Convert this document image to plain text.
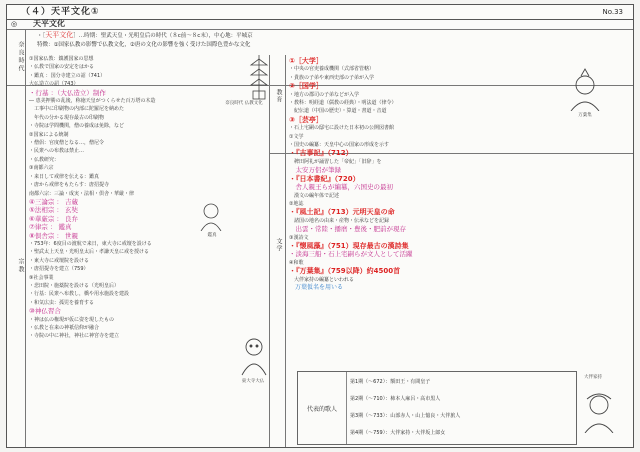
（４）天平文化①	No.33
◎ 天平文化
奈良時代
・［天平文化］…時期：聖武天皇・光明皇后の時代（８c前〜８c末），中心地：平城京
特徴：①国家仏教の影響で仏教文化，②唐の文化の影響を強く受けた国際色豊かな文化
宗教
教育
文学
①国家仏教：鎮護国家の思想
・仏教で国家の安定をはかる
・鑑真 ：国分寺建立の詔（741）
大仏造立の詔（743）
・行基 ：（大仏造立）制作
― 恵美押勝の乱後，称徳天皇がつくらせた百万塔の木造
　工事中に印刷物の内部に陀羅尼を納めた
　年代の分かる現存最古の印刷物
・寺院は学問機関，僧の養成は免除，など
②国家による統制
・僧侶：官度僧となる…，僧尼令
・民衆への布教は禁止…
・仏教研究：
③南都六宗
・来日して戒律を伝える：鑑真
・唐から戒律をもたらす：唐招提寺
南都六宗：三論・成実・法相・倶舎・華厳・律
④三論宗 ： 吉蔵
⑤法相宗 ： 玄奘
⑥華厳宗 ： 良弁
⑦律宗 ： 鑑真
⑧倶舎宗 ： 世親
・753年：6度目の渡航で来日，東大寺に戒壇を設ける
・聖武太上天皇・光明皇太后・孝謙天皇に戒を授ける
・東大寺に戒壇院を設ける
・唐招提寺を建立（759）
⑨社会事業
・悲田院・施薬院を設ける（光明皇后）
・行基：民衆へ布教し，橋や用水施設を建設
・和気広虫：孤児を養育する
⑩神仏習合
・神は仏の権現が仮に姿を現したもの
・仏教と在来の神祇信仰が融合
・寺院の中に神社，神社に神宮寺を建立
①［大学］
・中央の官吏養成機関（式部省管轄）
・貴族の子弟や東西史部の子弟が入学
②［国学］
・地方の郡司の子弟などが入学
・教科：明経道（儒教の経典）・明法道（律令）
　紀伝道（中国の歴史）・算道・書道・音道
③［芸亭］
・石上宅嗣の邸宅に設けた日本初の公開図書館
①文学
・国史の編纂：天皇中心の国家の形成を示す
・『古事記』（712）
　稗田阿礼が誦習した「帝紀」「旧辞」を
　太安万侶が筆録
・『日本書紀』（720）
　舎人親王らが編纂，六国史の最初
　漢文の編年体で記述
②地誌
・『風土記』（713）元明天皇の命
　諸国の地名の由来・産物・伝承などを記録
　出雲・常陸・播磨・豊後・肥前が現存
③漢詩文
・『懐風藻』（751）現存最古の漢詩集
・淡海三船・石上宅嗣らが文人として活躍
④和歌
・『万葉集』（759以降）約4500首
　大伴家持の編纂といわれる
　万葉仮名を用いる
代表的歌人
第1期（〜672）：額田王・有間皇子
第2期（〜710）：柿本人麻呂・高市黒人
第3期（〜733）：山部赤人・山上憶良・大伴旅人
第4期（〜759）：大伴家持・大伴坂上郎女
奈良時代 仏教文化
東大寺大仏
鑑真
万葉集
大伴家持
